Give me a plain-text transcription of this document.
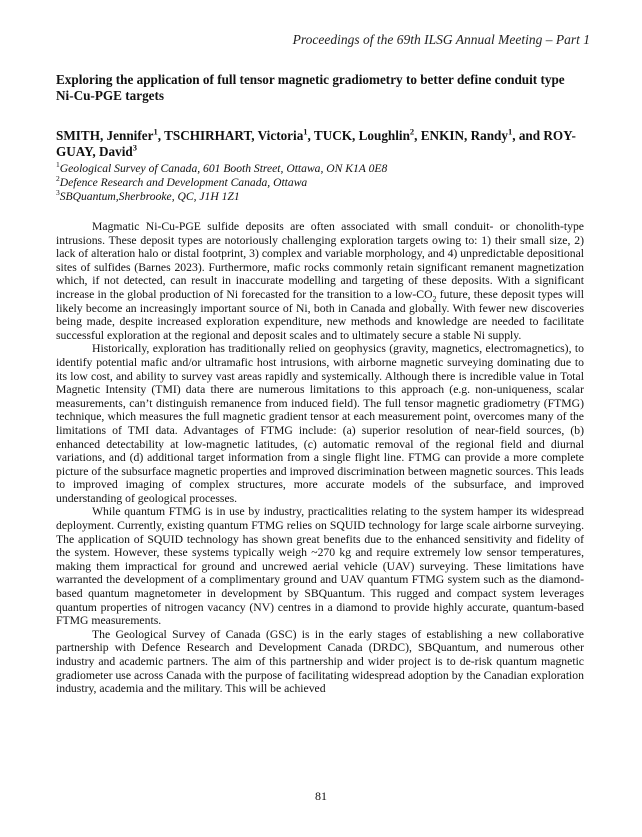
Proceedings of the 69th ILSG Annual Meeting – Part 1

Exploring the application of full tensor magnetic gradiometry to better define conduit type Ni-Cu-PGE targets

SMITH, Jennifer$^1$, TSCHIRHART, Victoria$^1$, TUCK, Loughlin$^2$, ENKIN, Randy$^1$, and ROY-GUAY, David$^3$

$^1$Geological Survey of Canada, 601 Booth Street, Ottawa, ON K1A 0E8

$^2$Defence Research and Development Canada, Ottawa

$^3$SBQuantum,Sherbrooke, QC, J1H 1Z1

Magmatic Ni-Cu-PGE sulfide deposits are often associated with small conduit- or chonolith-type intrusions. These deposit types are notoriously challenging exploration targets owing to: 1) their small size, 2) lack of alteration halo or distal footprint, 3) complex and variable morphology, and 4) unpredictable depositional sites of sulfides (Barnes 2023). Furthermore, mafic rocks commonly retain significant remanent magnetization which, if not detected, can result in inaccurate modelling and targeting of these deposits. With a significant increase in the global production of Ni forecasted for the transition to a low-$CO_2$ future, these deposit types will likely become an increasingly important source of Ni, both in Canada and globally. With fewer new discoveries being made, despite increased exploration expenditure, new methods and knowledge are needed to facilitate successful exploration at the regional and deposit scales and to ultimately secure a stable Ni supply.

Historically, exploration has traditionally relied on geophysics (gravity, magnetics, electromagnetics), to identify potential mafic and/or ultramafic host intrusions, with airborne magnetic surveying dominating due to its low cost, and ability to survey vast areas rapidly and systemically. Although there is incredible value in Total Magnetic Intensity (TMI) data there are numerous limitations to this approach (e.g. non-uniqueness, scalar measurements, can’t distinguish remanence from induced field). The full tensor magnetic gradiometry (FTMG) technique, which measures the full magnetic gradient tensor at each measurement point, overcomes many of the limitations of TMI data. Advantages of FTMG include: (a) superior resolution of near-field sources, (b) enhanced detectability at low-magnetic latitudes, (c) automatic removal of the regional field and diurnal variations, and (d) additional target information from a single flight line. FTMG can provide a more complete picture of the subsurface magnetic properties and improved discrimination between magnetic sources. This leads to improved imaging of complex structures, more accurate models of the subsurface, and improved understanding of geological processes.

While quantum FTMG is in use by industry, practicalities relating to the system hamper its widespread deployment. Currently, existing quantum FTMG relies on SQUID technology for large scale airborne surveying. The application of SQUID technology has shown great benefits due to the enhanced sensitivity and fidelity of the system. However, these systems typically weigh ~270 kg and require extremely low sensor temperatures, making them impractical for ground and uncrewed aerial vehicle (UAV) surveying. These limitations have warranted the development of a complimentary ground and UAV quantum FTMG system such as the diamond-based quantum magnetometer in development by SBQuantum. This rugged and compact system leverages quantum properties of nitrogen vacancy (NV) centres in a diamond to provide highly accurate, quantum-based FTMG measurements.

The Geological Survey of Canada (GSC) is in the early stages of establishing a new collaborative partnership with Defence Research and Development Canada (DRDC), SBQuantum, and numerous other industry and academic partners. The aim of this partnership and wider project is to de-risk quantum magnetic gradiometer use across Canada with the purpose of facilitating widespread adoption by the Canadian exploration industry, academia and the military. This will be achieved

81
